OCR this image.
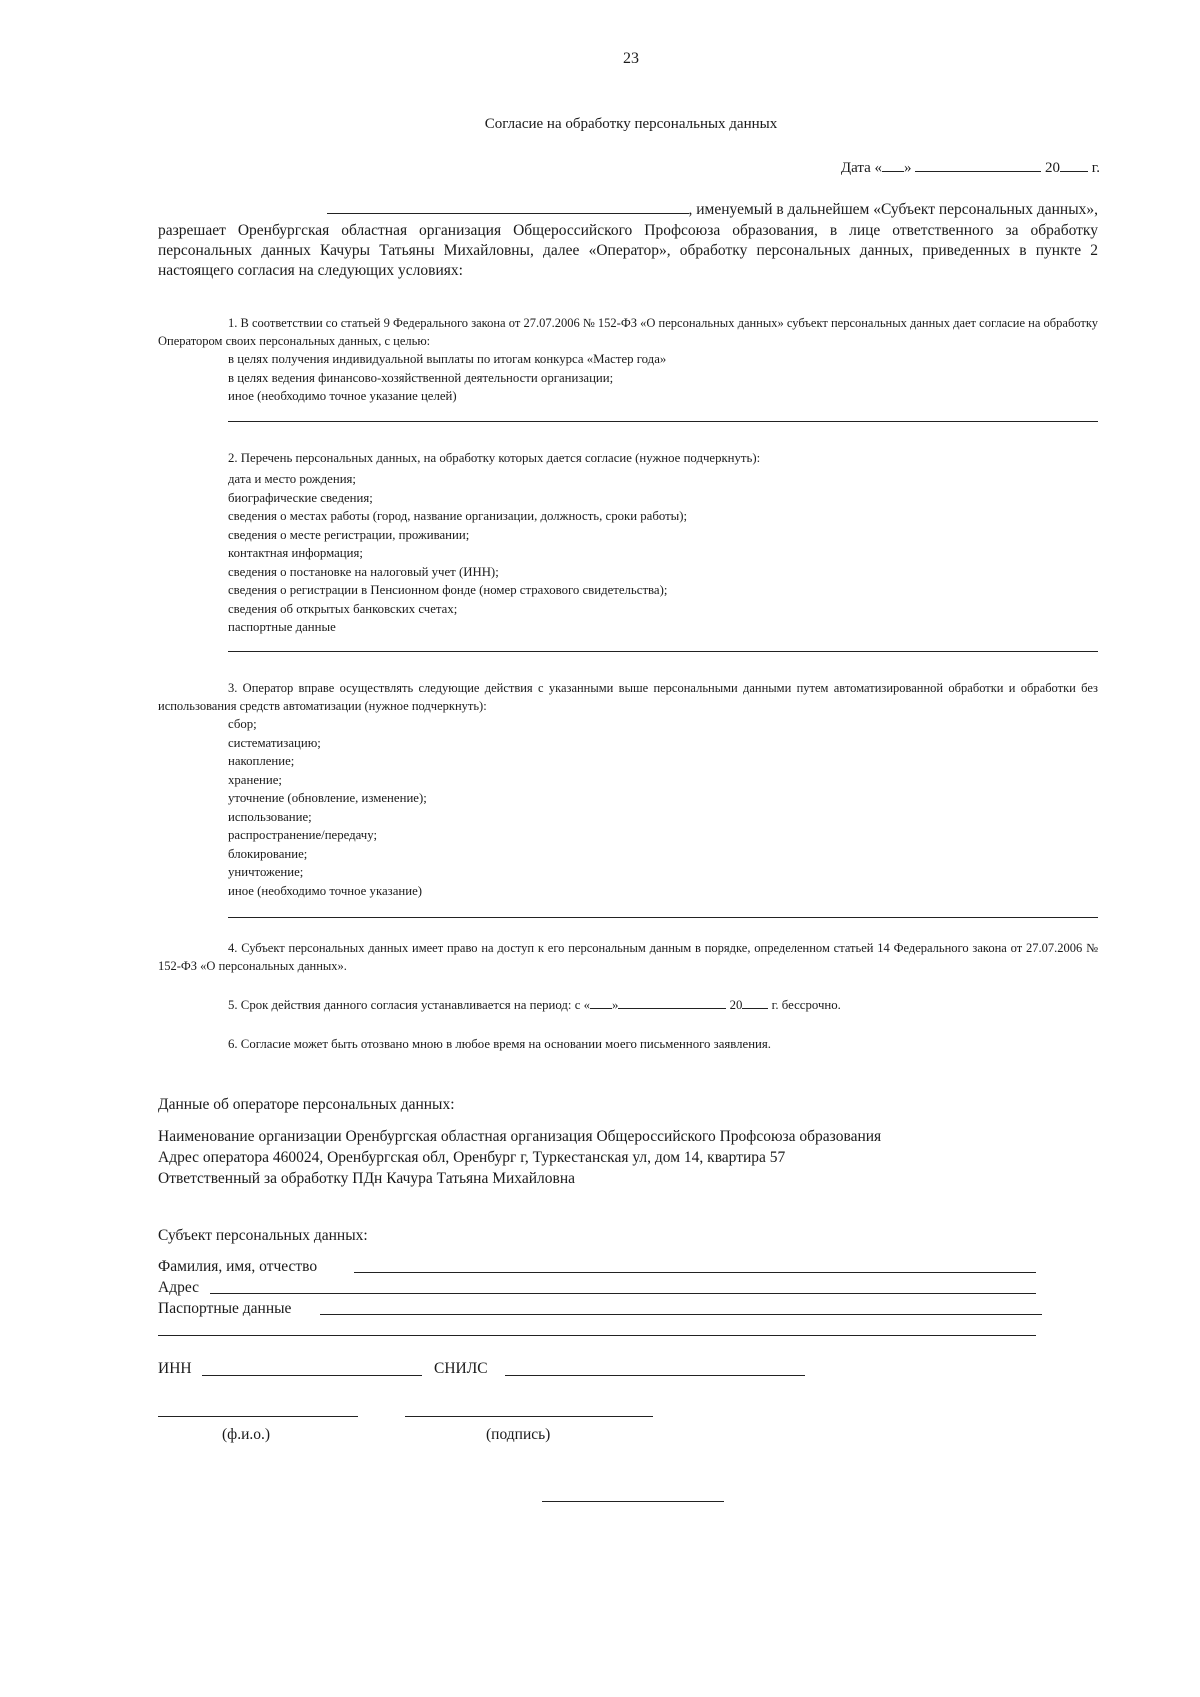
23
Согласие на обработку персональных данных
Дата « »	20 г.
, именуемый в дальнейшем «Субъект персональных данных»,
разрешает Оренбургская областная организация Общероссийского Профсоюза образования, в лице ответственного за обработку персональных данных Качуры Татьяны Михайловны, далее «Оператор», обработку персональных данных, приведенных в пункте 2 настоящего согласия на следующих условиях:
1. В соответствии со статьей 9 Федерального закона от 27.07.2006 № 152-ФЗ «О персональных данных» субъект персональных данных дает согласие на обработку Оператором своих персональных данных, с целью:
в целях получения индивидуальной выплаты по итогам конкурса «Мастер года»
в целях ведения финансово-хозяйственной деятельности организации;
иное (необходимо точное указание целей)
2. Перечень персональных данных, на обработку которых дается согласие (нужное подчеркнуть):
дата и место рождения;
биографические сведения;
сведения о местах работы (город, название организации, должность, сроки работы);
сведения о месте регистрации, проживании;
контактная информация;
сведения о постановке на налоговый учет (ИНН);
сведения о регистрации в Пенсионном фонде (номер страхового свидетельства);
сведения об открытых банковских счетах;
паспортные данные
3. Оператор вправе осуществлять следующие действия с указанными выше персональными данными путем автоматизированной обработки и обработки без использования средств автоматизации (нужное подчеркнуть):
сбор;
систематизацию;
накопление;
хранение;
уточнение (обновление, изменение);
использование;
распространение/передачу;
блокирование;
уничтожение;
иное (необходимо точное указание)
4. Субъект персональных данных имеет право на доступ к его персональным данным в порядке, определенном статьей 14 Федерального закона от 27.07.2006 № 152-ФЗ «О персональных данных».
5. Срок действия данного согласия устанавливается на период: с « »	20 г. бессрочно.
6. Согласие может быть отозвано мною в любое время на основании моего письменного заявления.
Данные об операторе персональных данных:
Наименование организации Оренбургская областная организация Общероссийского Профсоюза образования
Адрес оператора 460024, Оренбургская обл, Оренбург г, Туркестанская ул, дом 14, квартира 57
Ответственный за обработку ПДн Качура Татьяна Михайловна
Субъект персональных данных:
Фамилия, имя, отчество
Адрес
Паспортные данные
ИНН	СНИЛС
(ф.и.о.)	(подпись)
